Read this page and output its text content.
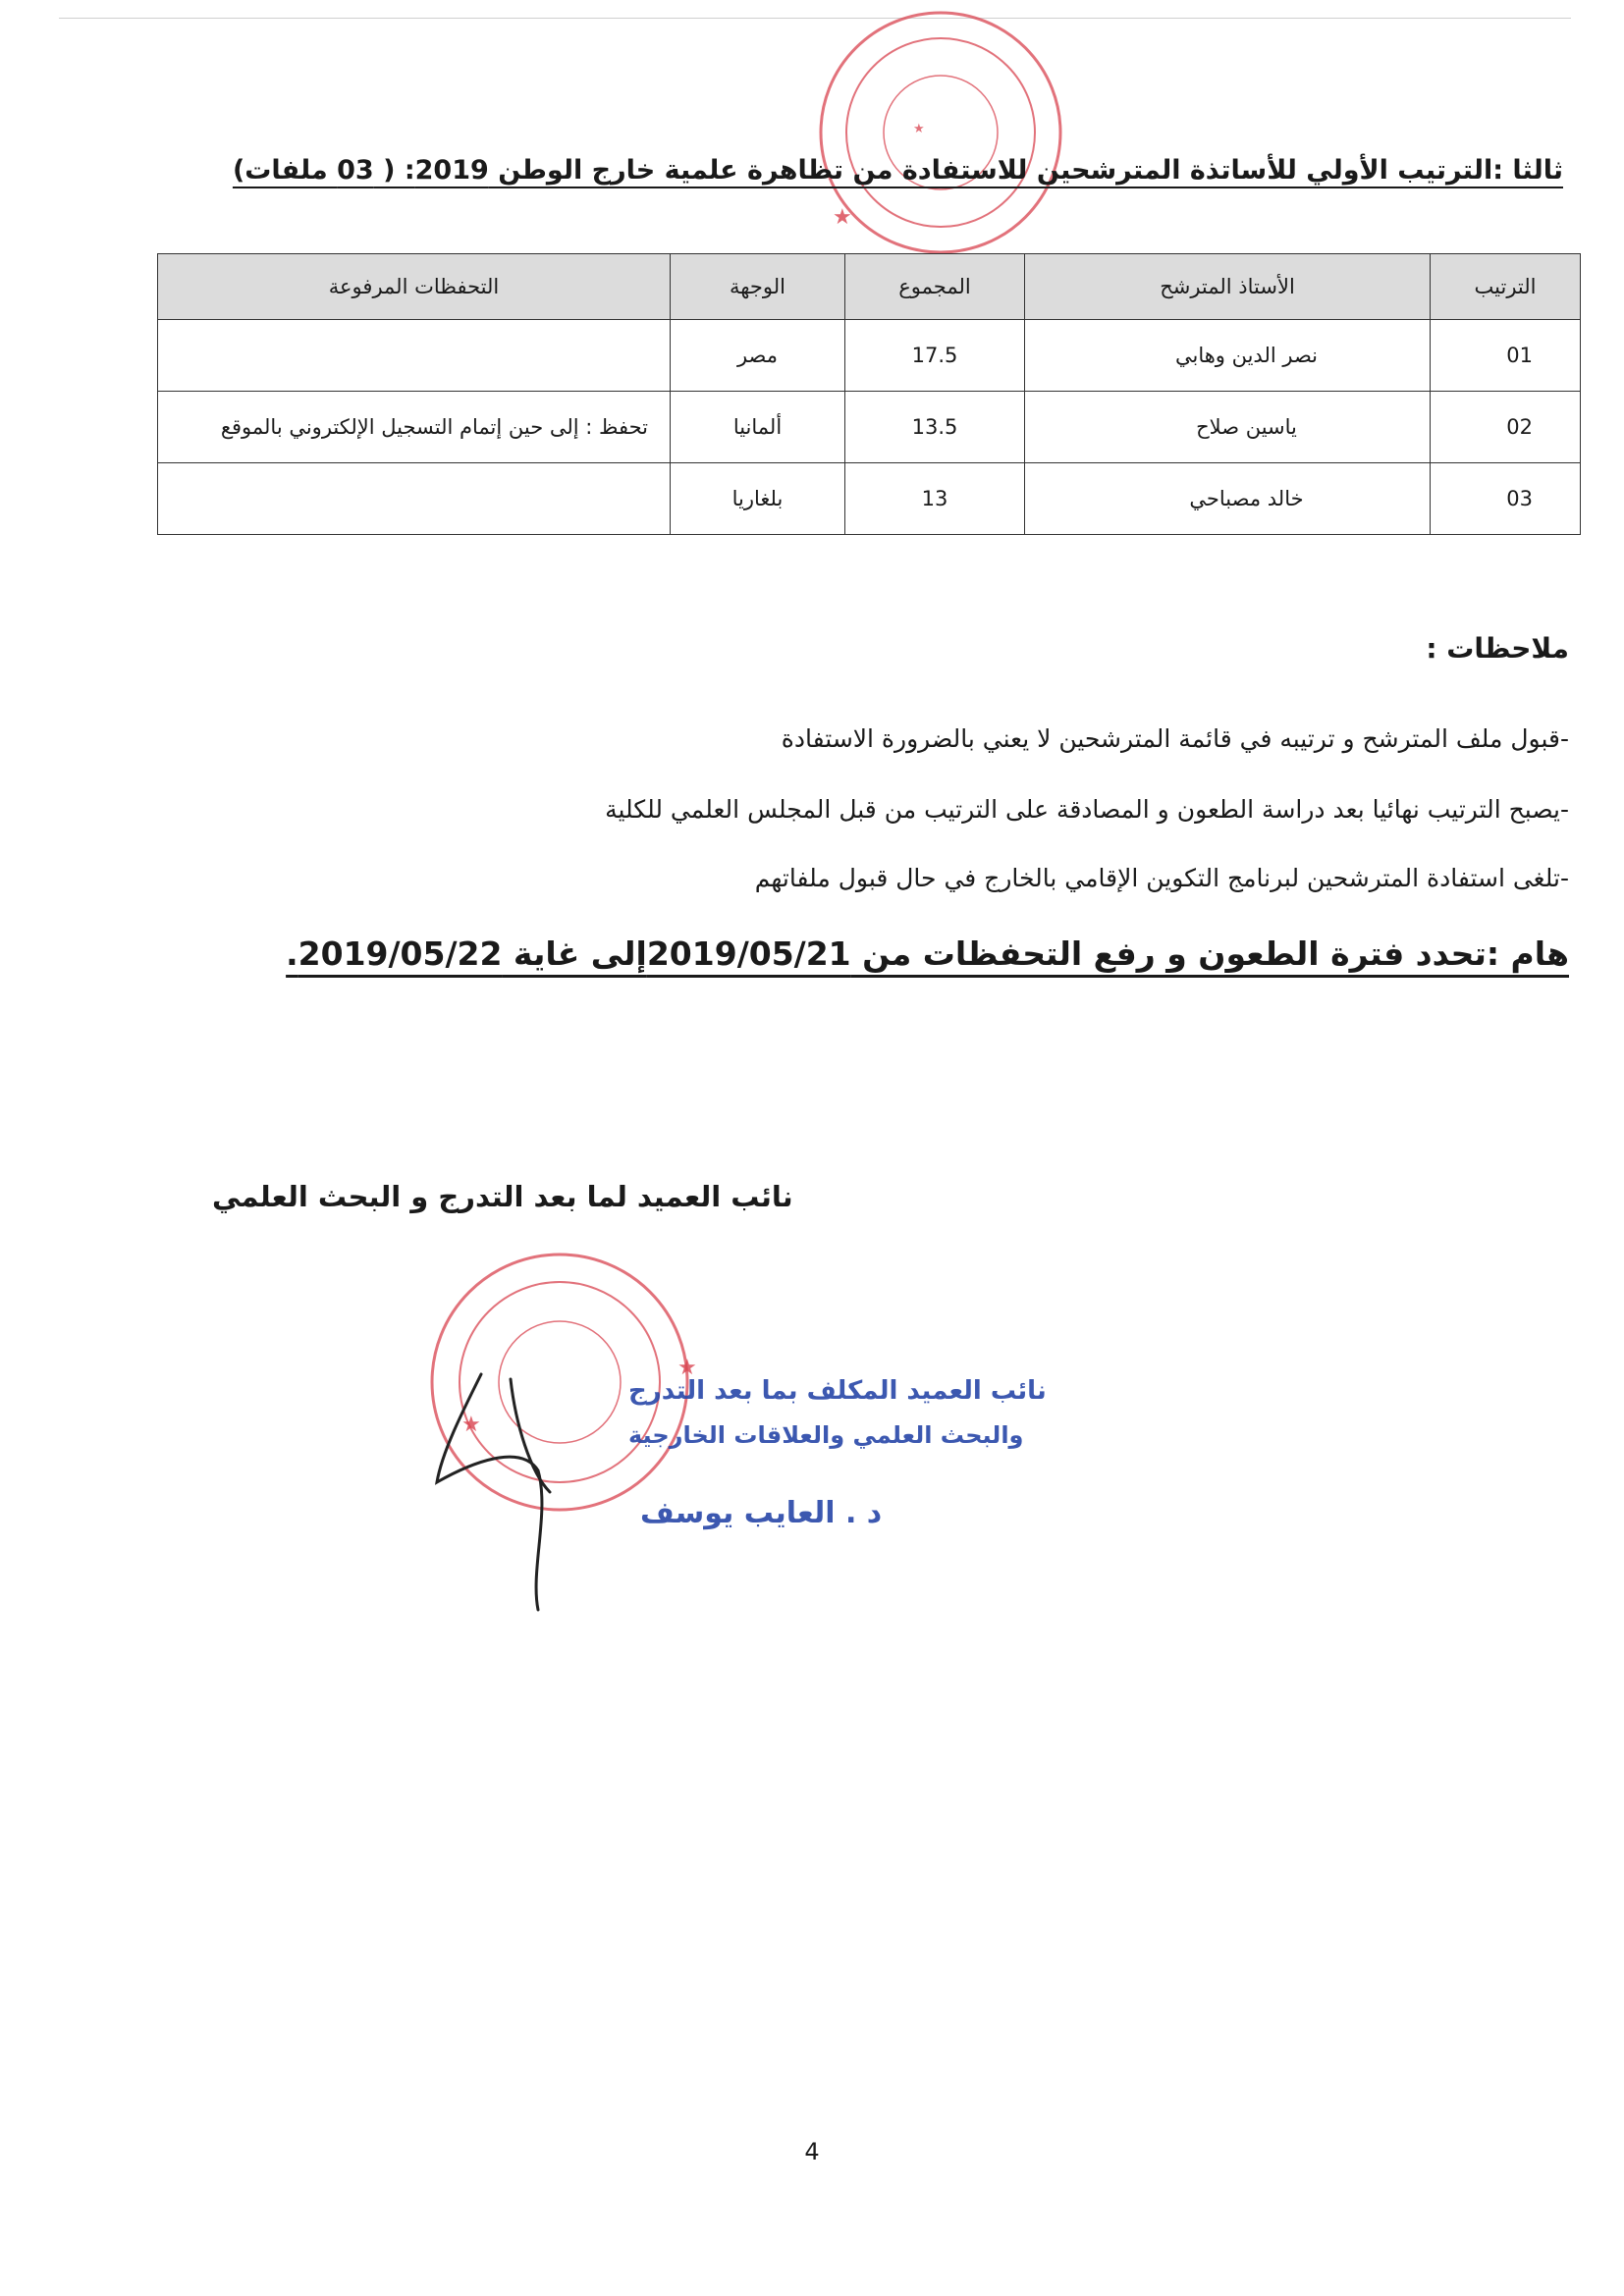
★
★
★
★
ثالثا :الترتيب الأولي للأساتذة المترشحين للاستفادة من تظاهرة علمية خارج الوطن 2019: ( 03 ملفات)
الترتيب	الأستاذ المترشح	المجموع	الوجهة	التحفظات المرفوعة
01	نصر الدين وهابي	17.5	مصر	
02	ياسين صلاح	13.5	ألمانيا	تحفظ : إلى حين إتمام التسجيل الإلكتروني بالموقع
03	خالد مصباحي	13	بلغاريا	
ملاحظات :
-قبول ملف المترشح و ترتيبه في قائمة المترشحين لا يعني بالضرورة الاستفادة
-يصبح الترتيب نهائيا بعد دراسة الطعون و المصادقة على الترتيب من قبل المجلس العلمي للكلية
-تلغى استفادة المترشحين لبرنامج التكوين الإقامي بالخارج في حال قبول ملفاتهم
هام :تحدد فترة الطعون و رفع التحفظات من 2019/05/21إلى غاية 2019/05/22.
نائب العميد لما بعد التدرج و البحث العلمي
نائب العميد المكلف بما بعد التدرج
والبحث العلمي والعلاقات الخارجية
د . العايب يوسف
4
